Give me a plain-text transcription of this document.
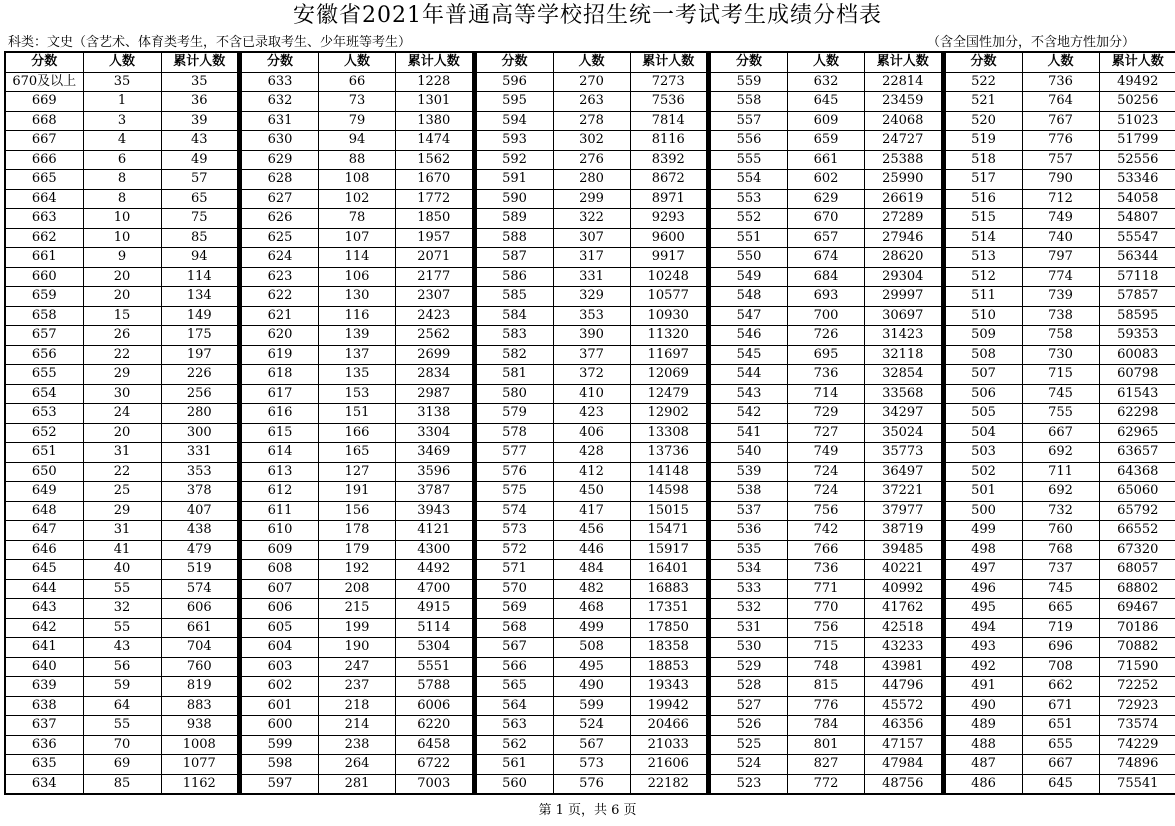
安徽省2021年普通高等学校招生统一考试考生成绩分档表
科类：文史（含艺术、体育类考生，不含已录取考生、少年班等考生）	（含全国性加分，不含地方性加分）
分数	人数	累计人数
670及以上	35	35
669	1	36
668	3	39
667	4	43
666	6	49
665	8	57
664	8	65
663	10	75
662	10	85
661	9	94
660	20	114
659	20	134
658	15	149
657	26	175
656	22	197
655	29	226
654	30	256
653	24	280
652	20	300
651	31	331
650	22	353
649	25	378
648	29	407
647	31	438
646	41	479
645	40	519
644	55	574
643	32	606
642	55	661
641	43	704
640	56	760
639	59	819
638	64	883
637	55	938
636	70	1008
635	69	1077
634	85	1162
分数	人数	累计人数
633	66	1228
632	73	1301
631	79	1380
630	94	1474
629	88	1562
628	108	1670
627	102	1772
626	78	1850
625	107	1957
624	114	2071
623	106	2177
622	130	2307
621	116	2423
620	139	2562
619	137	2699
618	135	2834
617	153	2987
616	151	3138
615	166	3304
614	165	3469
613	127	3596
612	191	3787
611	156	3943
610	178	4121
609	179	4300
608	192	4492
607	208	4700
606	215	4915
605	199	5114
604	190	5304
603	247	5551
602	237	5788
601	218	6006
600	214	6220
599	238	6458
598	264	6722
597	281	7003
分数	人数	累计人数
596	270	7273
595	263	7536
594	278	7814
593	302	8116
592	276	8392
591	280	8672
590	299	8971
589	322	9293
588	307	9600
587	317	9917
586	331	10248
585	329	10577
584	353	10930
583	390	11320
582	377	11697
581	372	12069
580	410	12479
579	423	12902
578	406	13308
577	428	13736
576	412	14148
575	450	14598
574	417	15015
573	456	15471
572	446	15917
571	484	16401
570	482	16883
569	468	17351
568	499	17850
567	508	18358
566	495	18853
565	490	19343
564	599	19942
563	524	20466
562	567	21033
561	573	21606
560	576	22182
分数	人数	累计人数
559	632	22814
558	645	23459
557	609	24068
556	659	24727
555	661	25388
554	602	25990
553	629	26619
552	670	27289
551	657	27946
550	674	28620
549	684	29304
548	693	29997
547	700	30697
546	726	31423
545	695	32118
544	736	32854
543	714	33568
542	729	34297
541	727	35024
540	749	35773
539	724	36497
538	724	37221
537	756	37977
536	742	38719
535	766	39485
534	736	40221
533	771	40992
532	770	41762
531	756	42518
530	715	43233
529	748	43981
528	815	44796
527	776	45572
526	784	46356
525	801	47157
524	827	47984
523	772	48756
分数	人数	累计人数
522	736	49492
521	764	50256
520	767	51023
519	776	51799
518	757	52556
517	790	53346
516	712	54058
515	749	54807
514	740	55547
513	797	56344
512	774	57118
511	739	57857
510	738	58595
509	758	59353
508	730	60083
507	715	60798
506	745	61543
505	755	62298
504	667	62965
503	692	63657
502	711	64368
501	692	65060
500	732	65792
499	760	66552
498	768	67320
497	737	68057
496	745	68802
495	665	69467
494	719	70186
493	696	70882
492	708	71590
491	662	72252
490	671	72923
489	651	73574
488	655	74229
487	667	74896
486	645	75541
第 1 页，共 6 页
